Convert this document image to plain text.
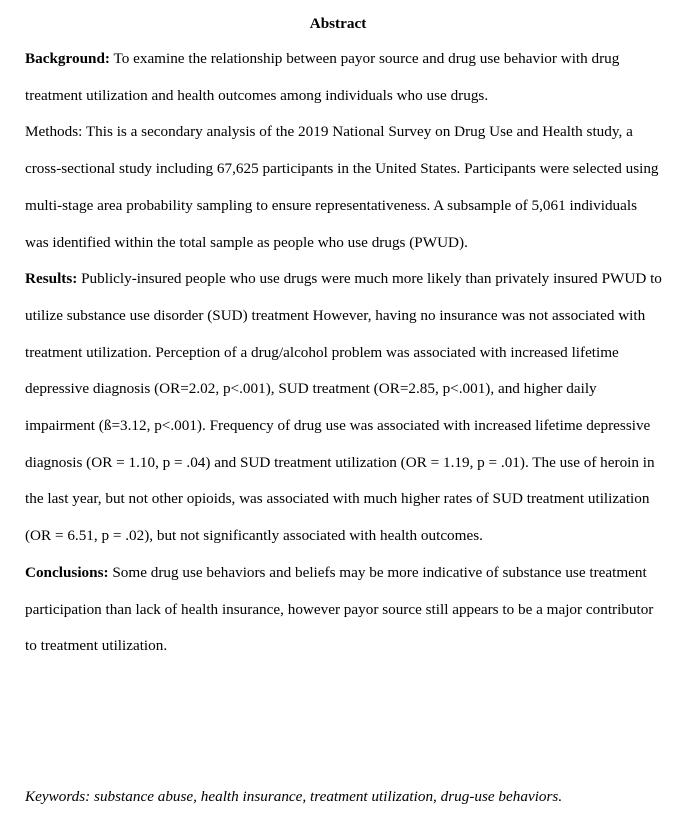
Abstract

Background: To examine the relationship between payor source and drug use behavior with drug treatment utilization and health outcomes among individuals who use drugs.

Methods: This is a secondary analysis of the 2019 National Survey on Drug Use and Health study, a cross-sectional study including 67,625 participants in the United States. Participants were selected using multi-stage area probability sampling to ensure representativeness. A subsample of 5,061 individuals was identified within the total sample as people who use drugs (PWUD).

Results: Publicly-insured people who use drugs were much more likely than privately insured PWUD to utilize substance use disorder (SUD) treatment However, having no insurance was not associated with treatment utilization. Perception of a drug/alcohol problem was associated with increased lifetime depressive diagnosis (OR=2.02, p<.001), SUD treatment (OR=2.85, p<.001), and higher daily impairment (ß=3.12, p<.001). Frequency of drug use was associated with increased lifetime depressive diagnosis (OR = 1.10, p = .04) and SUD treatment utilization (OR = 1.19, p = .01). The use of heroin in the last year, but not other opioids, was associated with much higher rates of SUD treatment utilization (OR = 6.51, p = .02), but not significantly associated with health outcomes.

Conclusions: Some drug use behaviors and beliefs may be more indicative of substance use treatment participation than lack of health insurance, however payor source still appears to be a major contributor to treatment utilization.

Keywords: substance abuse, health insurance, treatment utilization, drug-use behaviors.
